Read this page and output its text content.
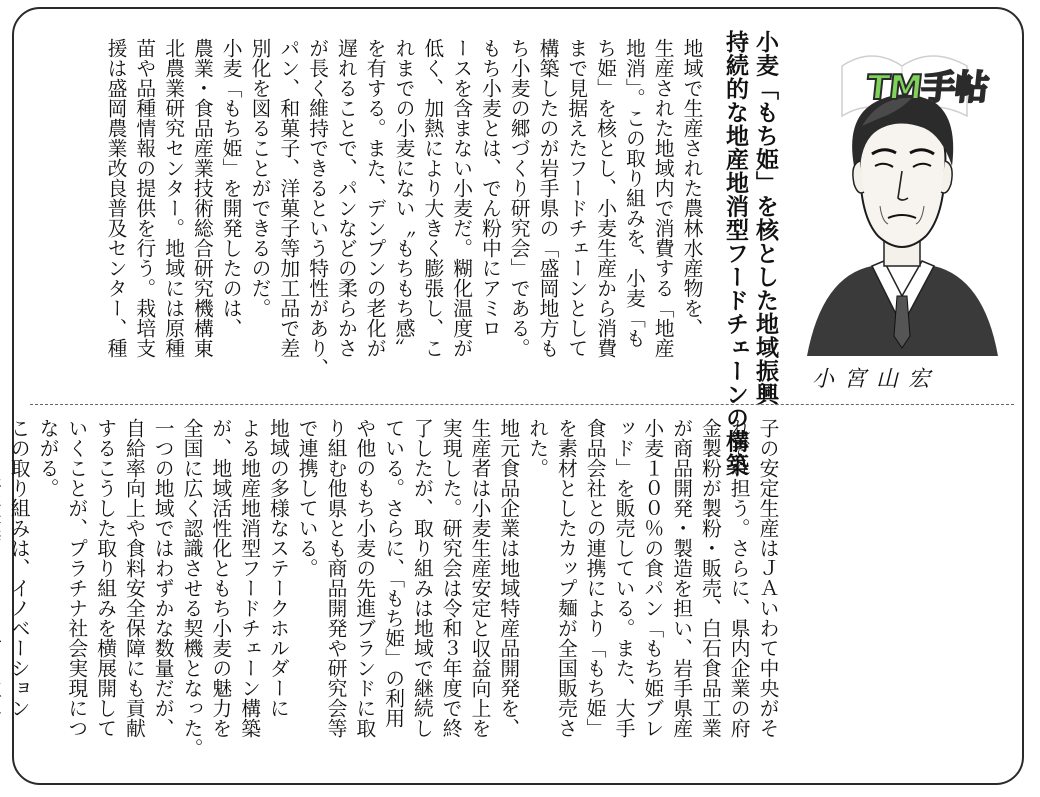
TM手帖
小宮山宏
小麦「もち姫」を核とした地域振興
持続的な地産地消型フードチェーンの構築
地域で生産された農林水産物を、
生産された地域内で消費する「地産
地消」。この取り組みを、小麦「も
ち姫」を核とし、小麦生産から消費
まで見据えたフードチェーンとして
構築したのが岩手県の「盛岡地方も
ち小麦の郷づくり研究会」である。
もち小麦とは、でん粉中にアミロ
ースを含まない小麦だ。糊化温度が
低く、加熱により大きく膨張し、こ
れまでの小麦にない〝もちもち感〟
を有する。また、デンプンの老化が
遅れることで、パンなどの柔らかさ
が長く維持できるという特性があり、
パン、和菓子、洋菓子等加工品で差
別化を図ることができるのだ。
小麦「もち姫」を開発したのは、
農業・食品産業技術総合研究機構東
北農業研究センター。地域には原種
苗や品種情報の提供を行う。栽培支
援は盛岡農業改良普及センター、種
子の安定生産はＪＡいわて中央がそ
れぞれ担う。さらに、県内企業の府
金製粉が製粉・販売、白石食品工業
が商品開発・製造を担い、岩手県産
小麦１００％の食パン「もち姫ブレ
ッド」を販売している。また、大手
食品会社との連携により「もち姫」
を素材としたカップ麺が全国販売さ
れた。
地元食品企業は地域特産品開発を、
生産者は小麦生産安定と収益向上を
実現した。研究会は令和３年度で終
了したが、取り組みは地域で継続し
ている。さらに、「もち姫」の利用
や他のもち小麦の先進ブランドに取
り組む他県とも商品開発や研究会等
で連携している。
地域の多様なステークホルダーに
よる地産地消型フードチェーン構築
が、地域活性化ともち小麦の魅力を
全国に広く認識させる契機となった。
一つの地域ではわずかな数量だが、
自給率向上や食料安全保障にも貢献
するこうした取り組みを横展開して
いくことが、プラチナ社会実現につ
ながる。
この取り組みは、イノベーション
